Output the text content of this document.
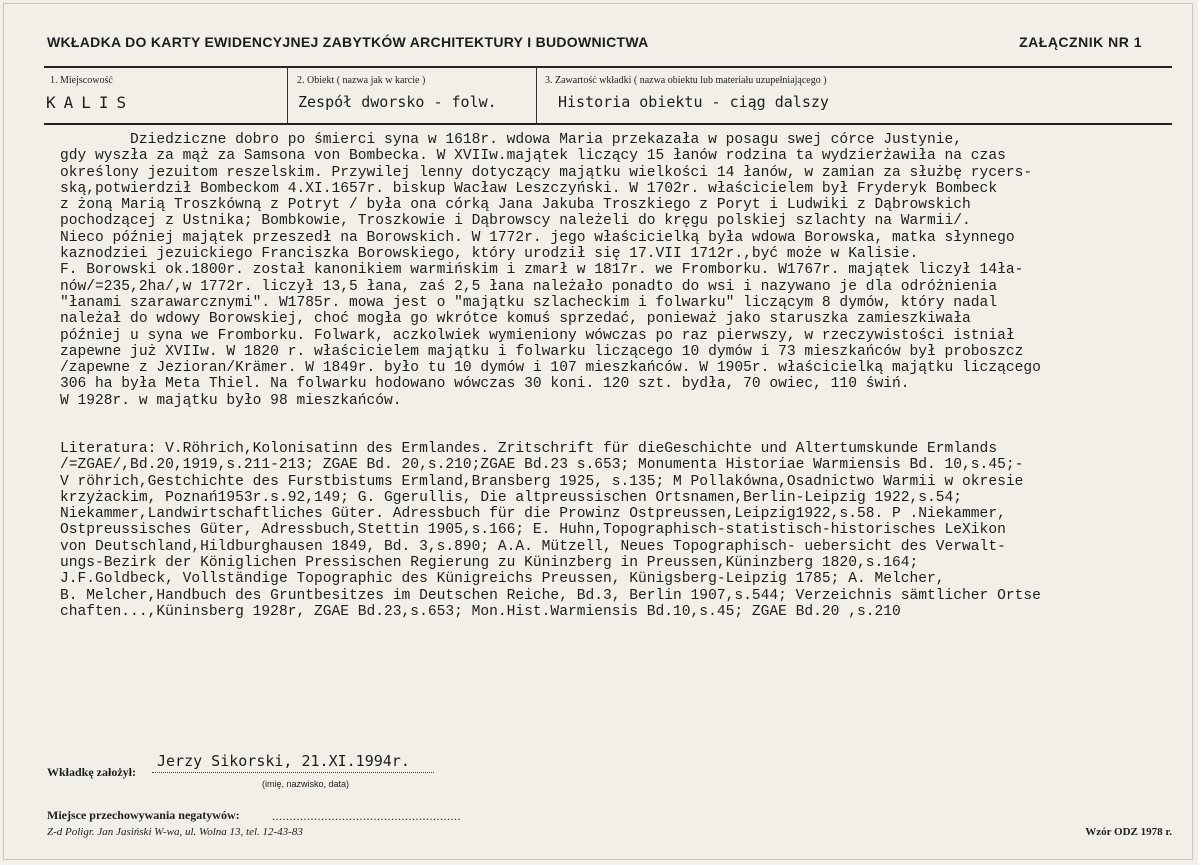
WKŁADKA DO KARTY EWIDENCYJNEJ ZABYTKÓW ARCHITEKTURY I BUDOWNICTWA	ZAŁĄCZNIK NR 1
1. Miejscowość
KALIS
2. Obiekt ( nazwa jak w karcie )
Zespół dworsko - folw.
3. Zawartość wkładki ( nazwa obiektu lub materiału uzupełniającego )
Historia obiektu - ciąg dalszy
Dziedziczne dobro po śmierci syna w 1618r. wdowa Maria przekazała w posagu swej córce Justynie,
gdy wyszła za mąż za Samsona von Bombecka. W XVIIw.majątek liczący 15 łanów rodzina ta wydzierżawiła na czas
określony jezuitom reszelskim. Przywilej lenny dotyczący majątku wielkości 14 łanów, w zamian za służbę rycers-
ską,potwierdził Bombeckom 4.XI.1657r. biskup Wacław Leszczyński. W 1702r. właścicielem był Fryderyk Bombeck
z żoną Marią Troszkówną z Potryt / była ona córką Jana Jakuba Troszkiego z Poryt i Ludwiki z Dąbrowskich
pochodzącej z Ustnika; Bombkowie, Troszkowie i Dąbrowscy należeli do kręgu polskiej szlachty na Warmii/.
Nieco później majątek przeszedł na Borowskich. W 1772r. jego właścicielką była wdowa Borowska, matka słynnego
kaznodziei jezuickiego Franciszka Borowskiego, który urodził się 17.VII 1712r.,być może w Kalisie.
F. Borowski ok.1800r. został kanonikiem warmińskim i zmarł w 1817r. we Fromborku. W1767r. majątek liczył 14ła-
nów/=235,2ha/,w 1772r. liczył 13,5 łana, zaś 2,5 łana należało ponadto do wsi i nazywano je dla odróżnienia
"łanami szarawarcznymi". W1785r. mowa jest o "majątku szlacheckim i folwarku" liczącym 8 dymów, który nadal
należał do wdowy Borowskiej, choć mogła go wkrótce komuś sprzedać, ponieważ jako staruszka zamieszkiwała
później u syna we Fromborku. Folwark, aczkolwiek wymieniony wówczas po raz pierwszy, w rzeczywistości istniał
zapewne już XVIIw. W 1820 r. właścicielem majątku i folwarku liczącego 10 dymów i 73 mieszkańców był proboszcz
/zapewne z Jezioran/Krämer. W 1849r. było tu 10 dymów i 107 mieszkańców. W 1905r. właścicielką majątku liczącego
306 ha była Meta Thiel. Na folwarku hodowano wówczas 30 koni. 120 szt. bydła, 70 owiec, 110 świń.
W 1928r. w majątku było 98 mieszkańców.
Literatura: V.Röhrich,Kolonisatinn des Ermlandes. Zritschrift für dieGeschichte und Altertumskunde Ermlands
/=ZGAE/,Bd.20,1919,s.211-213; ZGAE Bd. 20,s.210;ZGAE Bd.23 s.653; Monumenta Historiae Warmiensis Bd. 10,s.45;-
V röhrich,Gestchichte des Furstbistums Ermland,Bransberg 1925, s.135; M Pollakówna,Osadnictwo Warmii w okresie
krzyżackim, Poznań1953r.s.92,149; G. Ggerullis, Die altpreussischen Ortsnamen,Berlin-Leipzig 1922,s.54;
Niekammer,Landwirtschaftliches Güter. Adressbuch für die Prowinz Ostpreussen,Leipzig1922,s.58. P .Niekammer,
Ostpreussisches Güter, Adressbuch,Stettin 1905,s.166; E. Huhn,Topographisch-statistisch-historisches LeXikon
von Deutschland,Hildburghausen 1849, Bd. 3,s.890; A.A. Mützell, Neues Topographisch- uebersicht des Verwalt-
ungs-Bezirk der Königlichen Pressischen Regierung zu Küninzberg in Preussen,Küninzberg 1820,s.164;
J.F.Goldbeck, Vollständige Topographic des Künigreichs Preussen, Künigsberg-Leipzig 1785; A. Melcher,
B. Melcher,Handbuch des Gruntbesitzes im Deutschen Reiche, Bd.3, Berlin 1907,s.544; Verzeichnis sämtlicher Ortse
chaften...,Küninsberg 1928r, ZGAE Bd.23,s.653; Mon.Hist.Warmiensis Bd.10,s.45; ZGAE Bd.20 ,s.210
Wkładkę założył:
Jerzy Sikorski, 21.XI.1994r.
(imię, nazwisko, data)
Miejsce przechowywania negatywów:	......................................................
Z-d Poligr. Jan Jasiński W-wa, ul. Wolna 13, tel. 12-43-83	Wzór ODZ 1978 r.
